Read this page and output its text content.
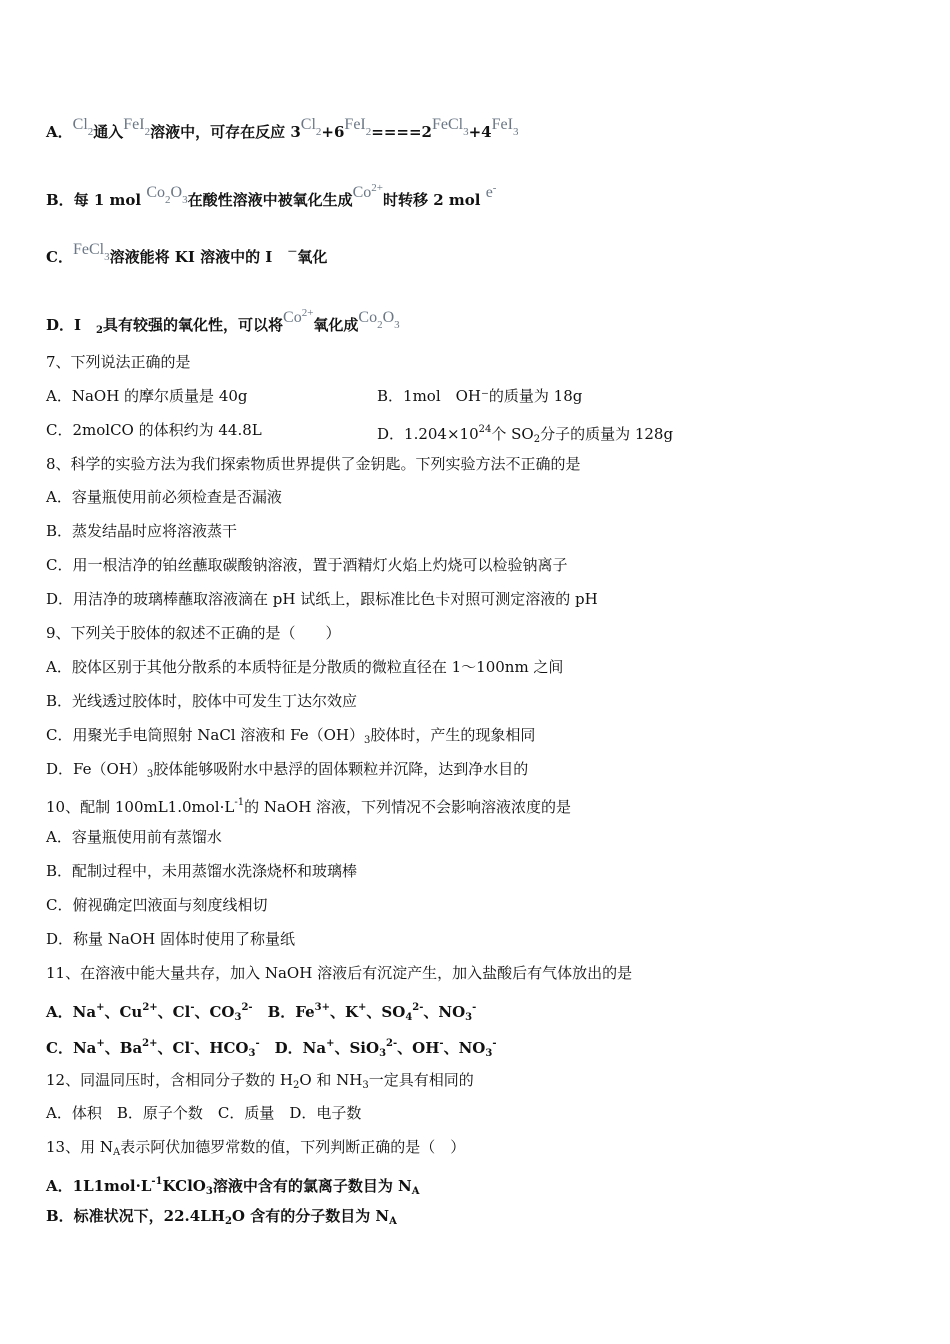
A．Cl2通入FeI2溶液中，可存在反应 3Cl2+6FeI2====2FeCl3+4FeI3
B．每 1 mol Co2O3在酸性溶液中被氧化生成$Co^{2+}$时转移 2 mol e-
C．FeCl3溶液能将 KI 溶液中的 I　－氧化
D．I　$_2$具有较强的氧化性，可以将$Co^{2+}$氧化成Co2O3
7、下列说法正确的是
A．NaOH 的摩尔质量是 40g	B．1mol　OH⁻的质量为 18g
C．2molCO 的体积约为 44.8L	D．$1.204\times 10^{24}$个 $SO_2$分子的质量为 128g
8、科学的实验方法为我们探索物质世界提供了金钥匙。下列实验方法不正确的是
A．容量瓶使用前必须检查是否漏液
B．蒸发结晶时应将溶液蒸干
C．用一根洁净的铂丝蘸取碳酸钠溶液，置于酒精灯火焰上灼烧可以检验钠离子
D．用洁净的玻璃棒蘸取溶液滴在 pH 试纸上，跟标准比色卡对照可测定溶液的 pH
9、下列关于胶体的叙述不正确的是（　　）
A．胶体区别于其他分散系的本质特征是分散质的微粒直径在 1～100nm 之间
B．光线透过胶体时，胶体中可发生丁达尔效应
C．用聚光手电筒照射 NaCl 溶液和 $Fe(OH)_3$胶体时，产生的现象相同
D．$Fe(OH)_3$胶体能够吸附水中悬浮的固体颗粒并沉降，达到净水目的
10、配制 $100mL1.0mol\cdot L^{-1}$的 NaOH 溶液，下列情况不会影响溶液浓度的是
A．容量瓶使用前有蒸馏水
B．配制过程中，未用蒸馏水洗涤烧杯和玻璃棒
C．俯视确定凹液面与刻度线相切
D．称量 NaOH 固体时使用了称量纸
11、在溶液中能大量共存，加入 NaOH 溶液后有沉淀产生，加入盐酸后有气体放出的是
A．Na+、$Cu^{2+}$、Cl-、$CO_3^{2-}$　B．$Fe^{3+}$、K+、$SO_4^{2-}$、$NO_3^-$
C．Na+、$Ba^{2+}$、Cl-、$HCO_3^-$　D．Na+、SiO$_3^{2-}$、OH-、$NO_3^-$
12、同温同压时，含相同分子数的 $H_2O$ 和 $NH_3$一定具有相同的
A．体积　B．原子个数　C．质量　D．电子数
13、用 $N_A$表示阿伏加德罗常数的值，下列判断正确的是（　）
A．$1L1mol\cdot L^{-1}KClO_3$溶液中含有的氯离子数目为 $N_A$
B．标准状况下，$22.4LH_2O$ 含有的分子数目为 $N_A$
